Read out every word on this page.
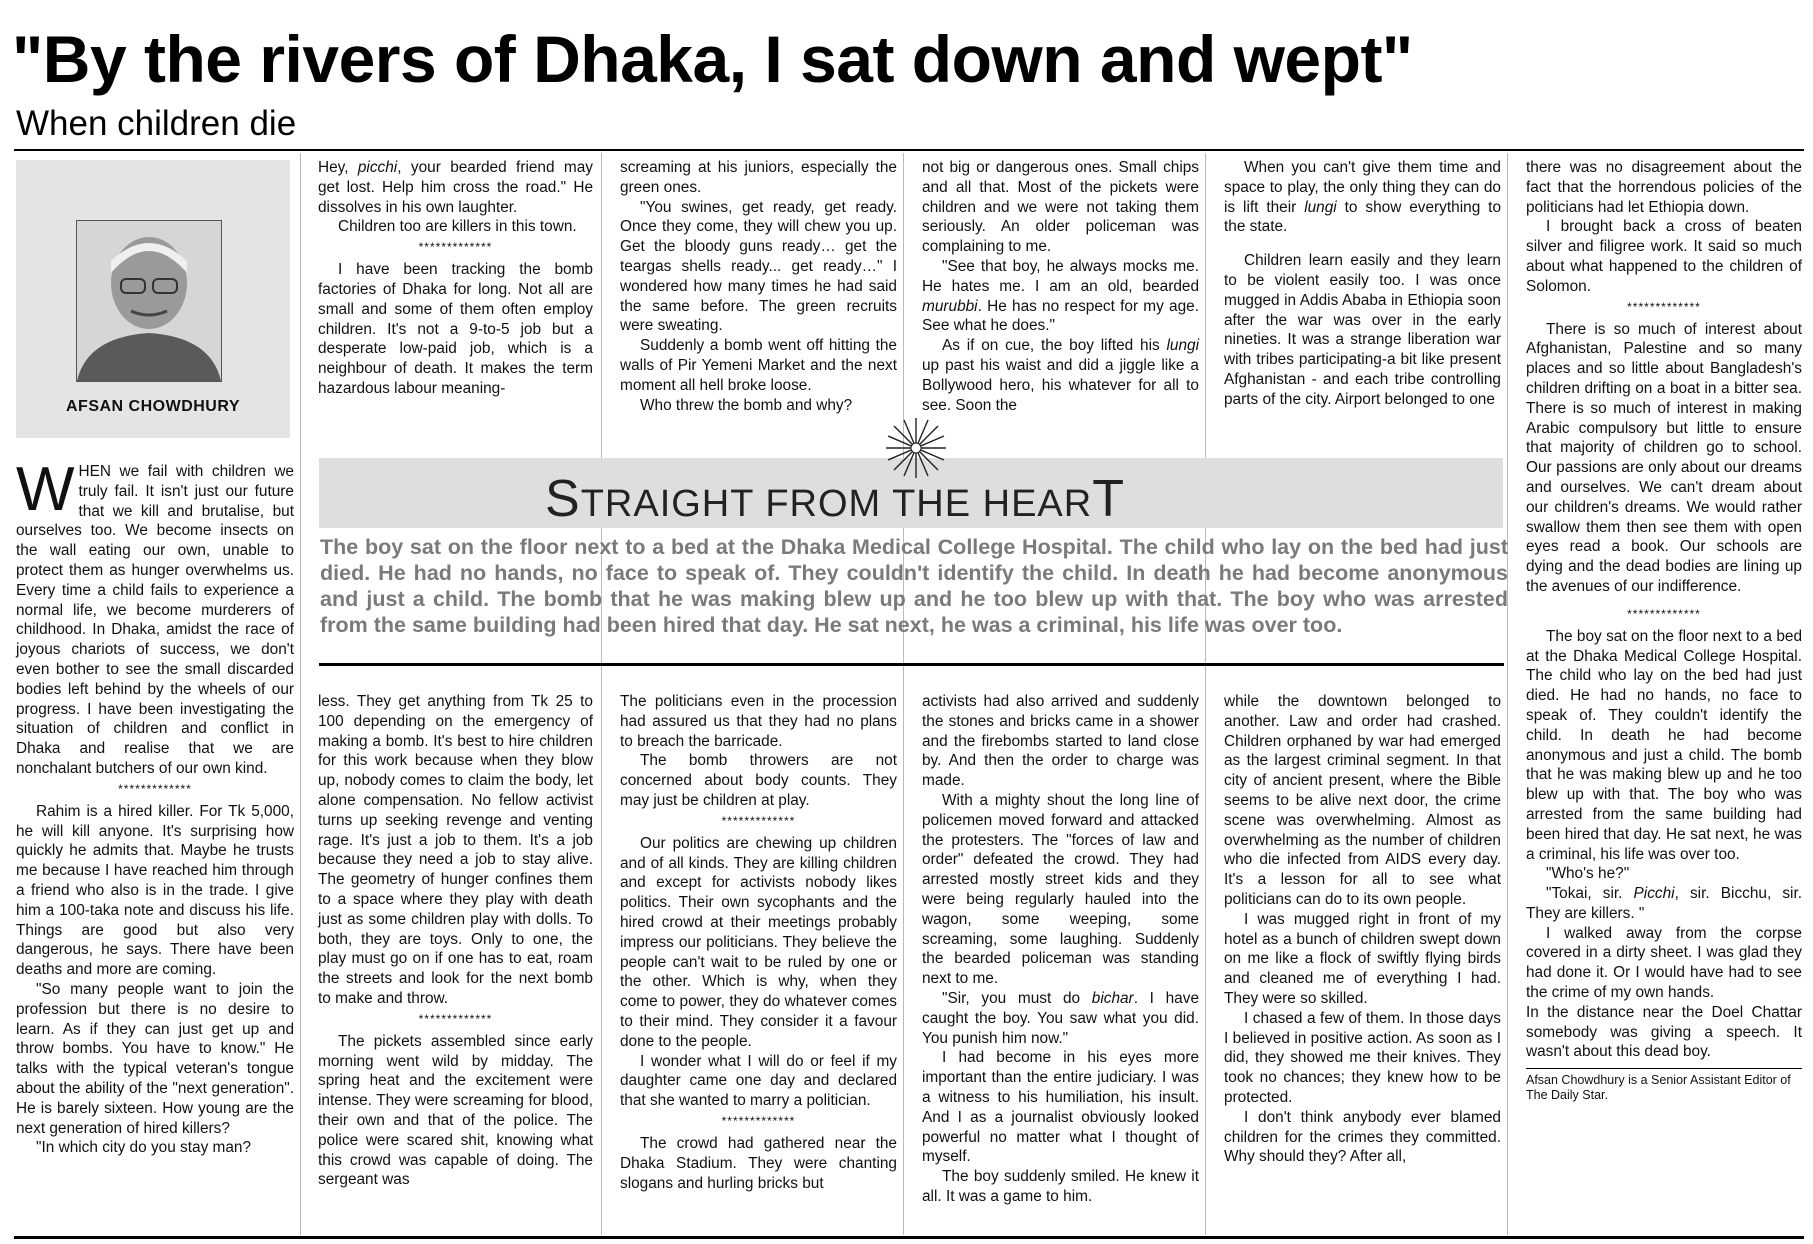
"By the rivers of Dhaka, I sat down and wept"
When children die
AFSAN CHOWDHURY

WHEN we fail with children we truly fail. It isn't just our future that we kill and brutalise, but ourselves too. We become insects on the wall eating our own, unable to protect them as hunger overwhelms us. Every time a child fails to experience a normal life, we become murderers of childhood. In Dhaka, amidst the race of joyous chariots of success, we don't even bother to see the small discarded bodies left behind by the wheels of our progress. I have been investigating the situation of children and conflict in Dhaka and realise that we are nonchalant butchers of our own kind.

*************

Rahim is a hired killer. For Tk 5,000, he will kill anyone. It's surprising how quickly he admits that. Maybe he trusts me because I have reached him through a friend who also is in the trade. I give him a 100-taka note and discuss his life. Things are good but also very dangerous, he says. There have been deaths and more are coming.

"So many people want to join the profession but there is no desire to learn. As if they can just get up and throw bombs. You have to know." He talks with the typical veteran's tongue about the ability of the "next generation". He is barely sixteen. How young are the next generation of hired killers?

"In which city do you stay man?

Hey, picchi, your bearded friend may get lost. Help him cross the road." He dissolves in his own laughter.

Children too are killers in this town.

*************

I have been tracking the bomb factories of Dhaka for long. Not all are small and some of them often employ children. It's not a 9-to-5 job but a desperate low-paid job, which is a neighbour of death. It makes the term hazardous labour meaning-

screaming at his juniors, especially the green ones.

"You swines, get ready, get ready. Once they come, they will chew you up. Get the bloody guns ready… get the teargas shells ready... get ready…" I wondered how many times he had said the same before. The green recruits were sweating.

Suddenly a bomb went off hitting the walls of Pir Yemeni Market and the next moment all hell broke loose.

Who threw the bomb and why?

not big or dangerous ones. Small chips and all that. Most of the pickets were children and we were not taking them seriously. An older policeman was complaining to me.

"See that boy, he always mocks me. He hates me. I am an old, bearded murubbi. He has no respect for my age. See what he does."

As if on cue, the boy lifted his lungi up past his waist and did a jiggle like a Bollywood hero, his whatever for all to see. Soon the

When you can't give them time and space to play, the only thing they can do is lift their lungi to show everything to the state.

Children learn easily and they learn to be violent easily too. I was once mugged in Addis Ababa in Ethiopia soon after the war was over in the early nineties. It was a strange liberation war with tribes participating-a bit like present Afghanistan - and each tribe controlling parts of the city. Airport belonged to one

STRAIGHT FROM THE HEART
The boy sat on the floor next to a bed at the Dhaka Medical College Hospital. The child who lay on the bed had just died. He had no hands, no face to speak of. They couldn't identify the child. In death he had become anonymous and just a child. The bomb that he was making blew up and he too blew up with that. The boy who was arrested from the same building had been hired that day. He sat next, he was a criminal, his life was over too.

less. They get anything from Tk 25 to 100 depending on the emergency of making a bomb. It's best to hire children for this work because when they blow up, nobody comes to claim the body, let alone compensation. No fellow activist turns up seeking revenge and venting rage. It's just a job to them. It's a job because they need a job to stay alive. The geometry of hunger confines them to a space where they play with death just as some children play with dolls. To both, they are toys. Only to one, the play must go on if one has to eat, roam the streets and look for the next bomb to make and throw.

*************

The pickets assembled since early morning went wild by midday. The spring heat and the excitement were intense. They were screaming for blood, their own and that of the police. The police were scared shit, knowing what this crowd was capable of doing. The sergeant was

The politicians even in the procession had assured us that they had no plans to breach the barricade.

The bomb throwers are not concerned about body counts. They may just be children at play.

*************

Our politics are chewing up children and of all kinds. They are killing children and except for activists nobody likes politics. Their own sycophants and the hired crowd at their meetings probably impress our politicians. They believe the people can't wait to be ruled by one or the other. Which is why, when they come to power, they do whatever comes to their mind. They consider it a favour done to the people.

I wonder what I will do or feel if my daughter came one day and declared that she wanted to marry a politician.

*************

The crowd had gathered near the Dhaka Stadium. They were chanting slogans and hurling bricks but

activists had also arrived and suddenly the stones and bricks came in a shower and the firebombs started to land close by. And then the order to charge was made.

With a mighty shout the long line of policemen moved forward and attacked the protesters. The "forces of law and order" defeated the crowd. They had arrested mostly street kids and they were being regularly hauled into the wagon, some weeping, some screaming, some laughing. Suddenly the bearded policeman was standing next to me.

"Sir, you must do bichar. I have caught the boy. You saw what you did. You punish him now."

I had become in his eyes more important than the entire judiciary. I was a witness to his humiliation, his insult. And I as a journalist obviously looked powerful no matter what I thought of myself.

The boy suddenly smiled. He knew it all. It was a game to him.

while the downtown belonged to another. Law and order had crashed. Children orphaned by war had emerged as the largest criminal segment. In that city of ancient present, where the Bible seems to be alive next door, the crime scene was overwhelming. Almost as overwhelming as the number of children who die infected from AIDS every day. It's a lesson for all to see what politicians can do to its own people.

I was mugged right in front of my hotel as a bunch of children swept down on me like a flock of swiftly flying birds and cleaned me of everything I had. They were so skilled.

I chased a few of them. In those days I believed in positive action. As soon as I did, they showed me their knives. They took no chances; they knew how to be protected.

I don't think anybody ever blamed children for the crimes they committed. Why should they? After all,

there was no disagreement about the fact that the horrendous policies of the politicians had let Ethiopia down.

I brought back a cross of beaten silver and filigree work. It said so much about what happened to the children of Solomon.

*************

There is so much of interest about Afghanistan, Palestine and so many places and so little about Bangladesh's children drifting on a boat in a bitter sea. There is so much of interest in making Arabic compulsory but little to ensure that majority of children go to school. Our passions are only about our dreams and ourselves. We can't dream about our children's dreams. We would rather swallow them then see them with open eyes read a book. Our schools are dying and the dead bodies are lining up the avenues of our indifference.

*************

The boy sat on the floor next to a bed at the Dhaka Medical College Hospital. The child who lay on the bed had just died. He had no hands, no face to speak of. They couldn't identify the child. In death he had become anonymous and just a child. The bomb that he was making blew up and he too blew up with that. The boy who was arrested from the same building had been hired that day. He sat next, he was a criminal, his life was over too.

"Who's he?"

"Tokai, sir. Picchi, sir. Bicchu, sir. They are killers. "

I walked away from the corpse covered in a dirty sheet. I was glad they had done it. Or I would have had to see the crime of my own hands.

In the distance near the Doel Chattar somebody was giving a speech. It wasn't about this dead boy.

Afsan Chowdhury is a Senior Assistant Editor of The Daily Star.
